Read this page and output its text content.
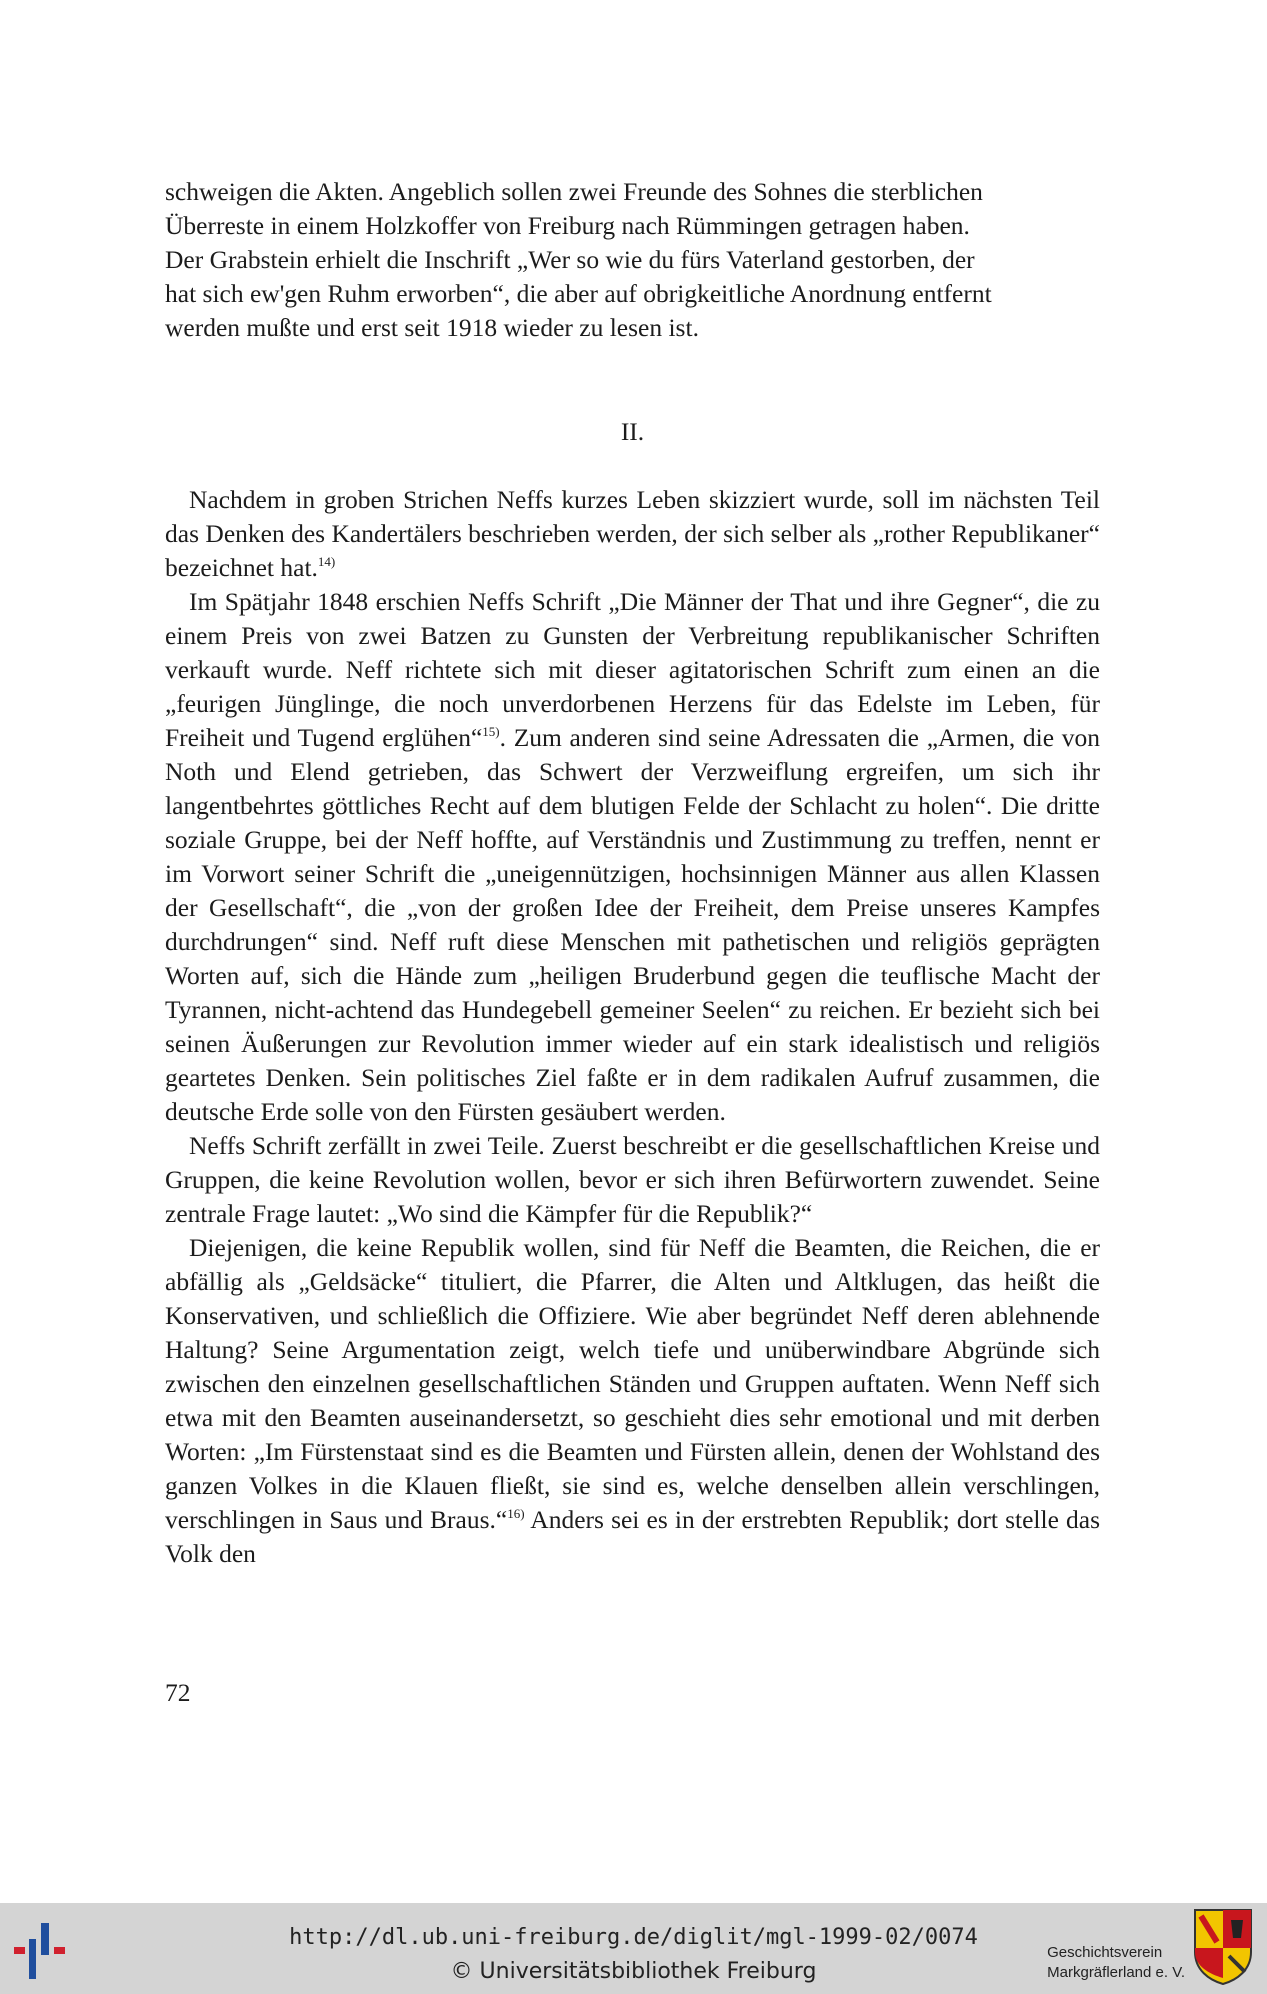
schweigen die Akten. Angeblich sollen zwei Freunde des Sohnes die sterblichen

Überreste in einem Holzkoffer von Freiburg nach Rümmingen getragen haben.

Der Grabstein erhielt die Inschrift „Wer so wie du fürs Vaterland gestorben, der

hat sich ew'gen Ruhm erworben“, die aber auf obrigkeitliche Anordnung entfernt

werden mußte und erst seit 1918 wieder zu lesen ist.

II.

Nachdem in groben Strichen Neffs kurzes Leben skizziert wurde, soll im nächsten Teil das Denken des Kandertälers beschrieben werden, der sich selber als „rother Republikaner“ bezeichnet hat.$^{14)}$

Im Spätjahr 1848 erschien Neffs Schrift „Die Männer der That und ihre Gegner“, die zu einem Preis von zwei Batzen zu Gunsten der Verbreitung republikanischer Schriften verkauft wurde. Neff richtete sich mit dieser agitatorischen Schrift zum einen an die „feurigen Jünglinge, die noch unverdorbenen Herzens für das Edelste im Leben, für Freiheit und Tugend erglühen“$^{15)}$. Zum anderen sind seine Adressaten die „Armen, die von Noth und Elend getrieben, das Schwert der Verzweiflung ergreifen, um sich ihr langentbehrtes göttliches Recht auf dem blutigen Felde der Schlacht zu holen“. Die dritte soziale Gruppe, bei der Neff hoffte, auf Verständnis und Zustimmung zu treffen, nennt er im Vorwort seiner Schrift die „uneigennützigen, hochsinnigen Männer aus allen Klassen der Gesellschaft“, die „von der großen Idee der Freiheit, dem Preise unseres Kampfes durchdrungen“ sind. Neff ruft diese Menschen mit pathetischen und religiös geprägten Worten auf, sich die Hände zum „heiligen Bruderbund gegen die teuflische Macht der Tyrannen, nicht-achtend das Hundegebell gemeiner Seelen“ zu reichen. Er bezieht sich bei seinen Äußerungen zur Revolution immer wieder auf ein stark idealistisch und religiös geartetes Denken. Sein politisches Ziel faßte er in dem radikalen Aufruf zusammen, die deutsche Erde solle von den Fürsten gesäubert werden.

Neffs Schrift zerfällt in zwei Teile. Zuerst beschreibt er die gesellschaftlichen Kreise und Gruppen, die keine Revolution wollen, bevor er sich ihren Befürwortern zuwendet. Seine zentrale Frage lautet: „Wo sind die Kämpfer für die Republik?“

Diejenigen, die keine Republik wollen, sind für Neff die Beamten, die Reichen, die er abfällig als „Geldsäcke“ tituliert, die Pfarrer, die Alten und Altklugen, das heißt die Konservativen, und schließlich die Offiziere. Wie aber begründet Neff deren ablehnende Haltung? Seine Argumentation zeigt, welch tiefe und unüberwindbare Abgründe sich zwischen den einzelnen gesellschaftlichen Ständen und Gruppen auftaten. Wenn Neff sich etwa mit den Beamten auseinandersetzt, so geschieht dies sehr emotional und mit derben Worten: „Im Fürstenstaat sind es die Beamten und Fürsten allein, denen der Wohlstand des ganzen Volkes in die Klauen fließt, sie sind es, welche denselben allein verschlingen, verschlingen in Saus und Braus.“$^{16)}$ Anders sei es in der erstrebten Republik; dort stelle das Volk den

72
http://dl.ub.uni-freiburg.de/diglit/mgl-1999-02/0074
© Universitätsbibliothek Freiburg
Geschichtsverein
Markgräflerland e. V.
